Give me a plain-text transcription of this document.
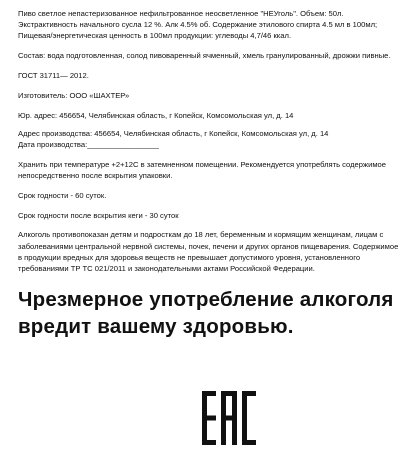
Пиво светлое непастеризованное нефильтрованное неосветленное "НЕУголь". Объем: 50л. Экстрактивность начального сусла 12 %. Алк 4.5% об. Содержание этилового спирта 4.5 мл в 100мл; Пищевая/энергетическая ценность в 100мл продукции: углеводы 4,7/46 ккал.

Состав: вода подготовленная, солод пивоваренный ячменный, хмель гранулированный, дрожжи пивные.

ГОСТ 31711— 2012.

Изготовитель: ООО «ШАХТЕР»

Юр. адрес: 456654, Челябинская область, г Копейск, Комсомольская ул, д. 14

Адрес производства: 456654, Челябинская область, г Копейск, Комсомольская ул, д. 14

Дата производства:_________________

Хранить при температуре +2+12С в затемненном помещении. Рекомендуется употреблять содержимое непосредственно после вскрытия упаковки.

Срок годности - 60 суток.

Срок годности после вскрытия кеги - 30 суток

Алкоголь противопоказан детям и подросткам до 18 лет, беременным и кормящим женщинам, лицам с заболеваниями центральной нервной системы, почек, печени и других органов пищеварения. Содержимое в продукции вредных для здоровья веществ не превышает допустимого уровня, установленного требованиями ТР ТС 021/2011 и законодательными актами Российской Федерации.

Чрезмерное употребление алкоголя вредит вашему здоровью.
